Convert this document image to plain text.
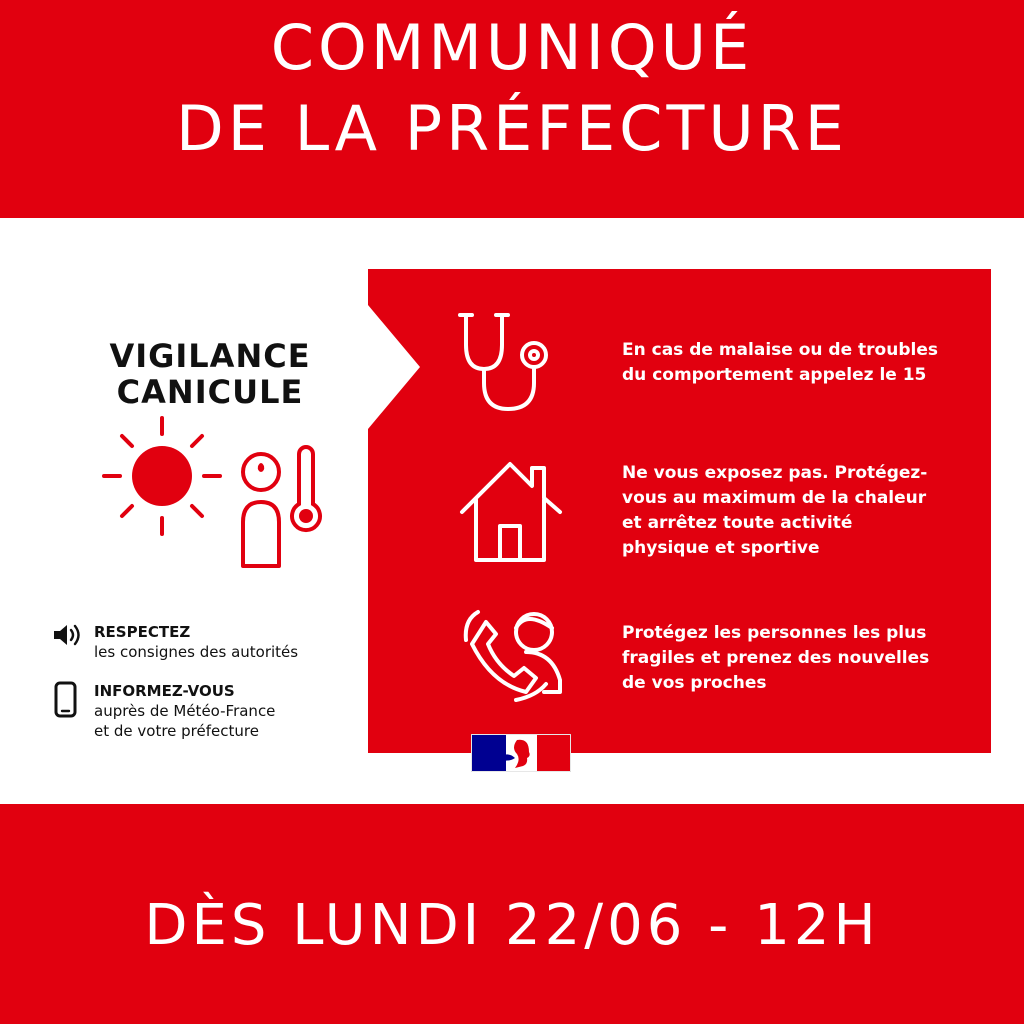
COMMUNIQUÉ
DE LA PRÉFECTURE
VIGILANCE
CANICULE
RESPECTEZ
les consignes des autorités
INFORMEZ-VOUS
auprès de Météo-France
et de votre préfecture
En cas de malaise ou de troubles
du comportement appelez le 15
Ne vous exposez pas. Protégez-
vous au maximum de la chaleur
et arrêtez toute activité
physique et sportive
Protégez les personnes les plus
fragiles et prenez des nouvelles
de vos proches
DÈS LUNDI 22/06 - 12H
